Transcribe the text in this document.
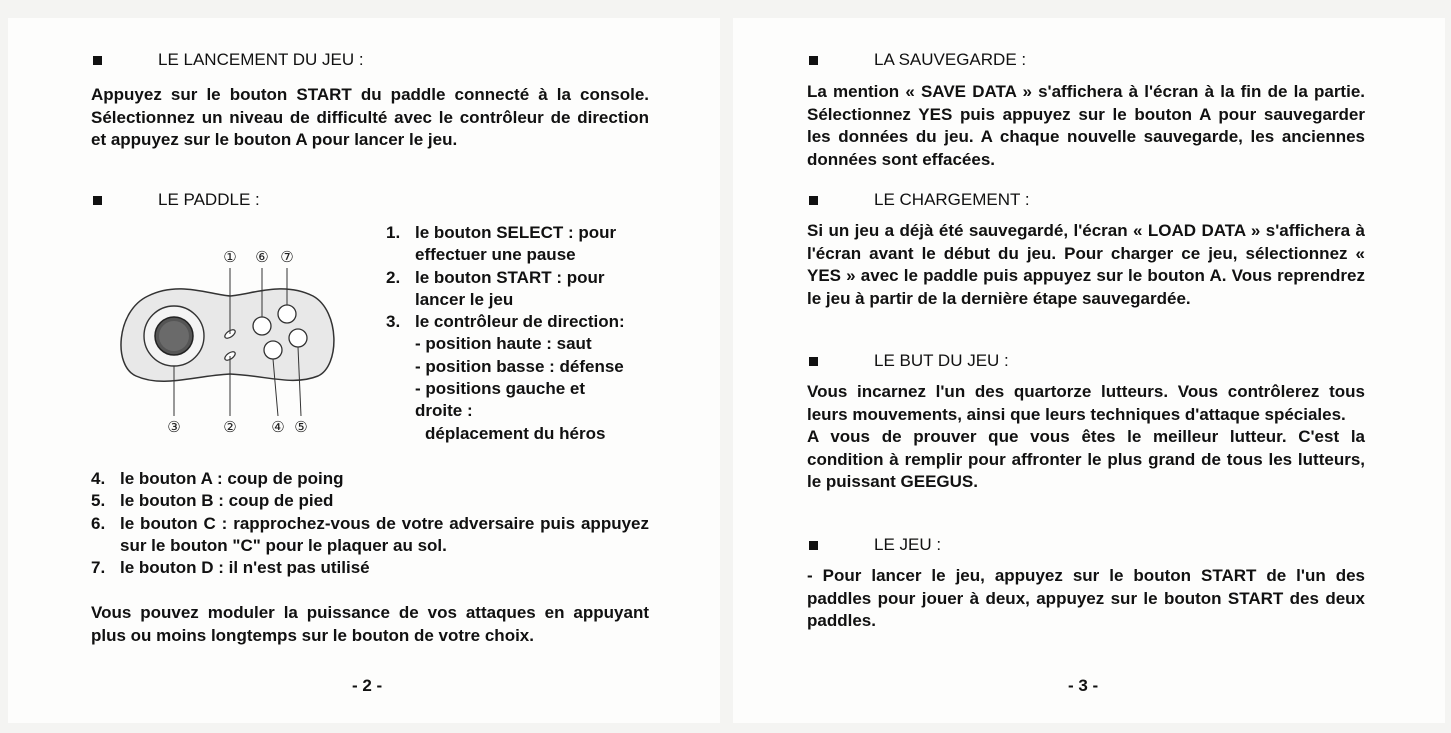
LE LANCEMENT DU JEU :

Appuyez sur le bouton START du paddle connecté à la console. Sélectionnez un niveau de difficulté avec le contrôleur de direction et appuyez sur le bouton A pour lancer le jeu.

LE PADDLE :
① ⑥ ⑦
③	② ④ ⑤
1. le bouton SELECT : pour effectuer une pause
2. le bouton START : pour lancer le jeu
3. le contrôleur de direction:
- position haute : saut
- position basse : défense
- positions gauche et droite :
déplacement du héros
4. le bouton A : coup de poing
5. le bouton B : coup de pied
6. le bouton C : rapprochez-vous de votre adversaire puis appuyez sur le bouton "C" pour le plaquer au sol.
7. le bouton D : il n'est pas utilisé

Vous pouvez moduler la puissance de vos attaques en appuyant plus ou moins longtemps sur le bouton de votre choix.

- 2 -
LA SAUVEGARDE :

La mention « SAVE DATA » s'affichera à l'écran à la fin de la partie. Sélectionnez YES puis appuyez sur le bouton A pour sauvegarder les données du jeu. A chaque nouvelle sauvegarde, les anciennes données sont effacées.

LE CHARGEMENT :

Si un jeu a déjà été sauvegardé, l'écran « LOAD DATA » s'affichera à l'écran avant le début du jeu. Pour charger ce jeu, sélectionnez « YES » avec le paddle puis appuyez sur le bouton A. Vous reprendrez le jeu à partir de la dernière étape sauvegardée.

LE BUT DU JEU :

Vous incarnez l'un des quartorze lutteurs. Vous contrôlerez tous leurs mouvements, ainsi que leurs techniques d'attaque spéciales.

A vous de prouver que vous êtes le meilleur lutteur. C'est la condition à remplir pour affronter le plus grand de tous les lutteurs, le puissant GEEGUS.

LE JEU :

- Pour lancer le jeu, appuyez sur le bouton START de l'un des paddles pour jouer à deux, appuyez sur le bouton START des deux paddles.

- 3 -
